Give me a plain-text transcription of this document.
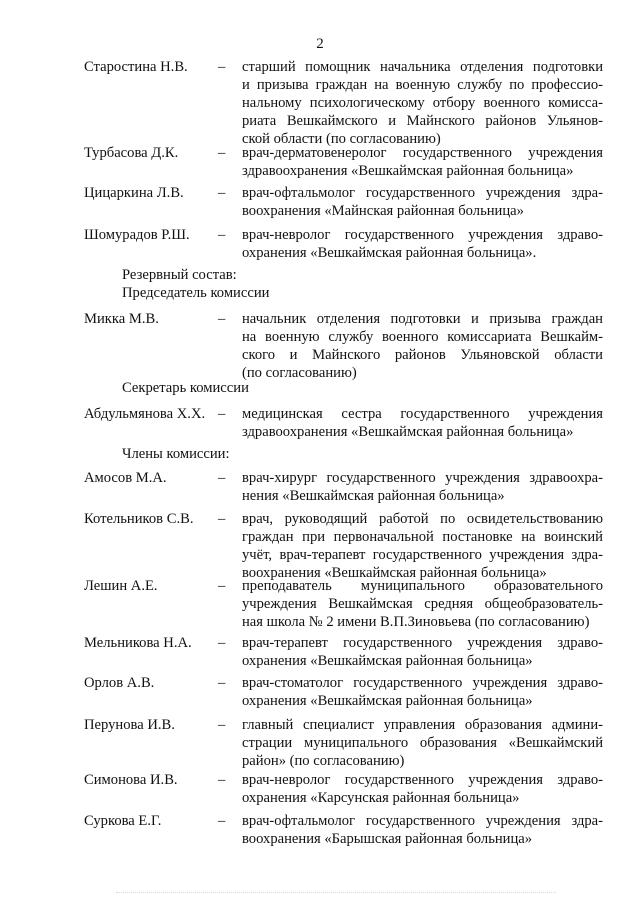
2
Старостина Н.В. – старший помощник начальника отделения подготовки
и призыва граждан на военную службу по профессио-
нальному психологическому отбору военного комисса-
риата Вешкаймского и Майнского районов Ульянов-
ской области (по согласованию)
Турбасова Д.К.	– врач-дерматовенеролог государственного учреждения
здравоохранения «Вешкаймская районная больница»
Цицаркина Л.В. – врач-офтальмолог государственного учреждения здра-
воохранения «Майнская районная больница»
Шомурадов Р.Ш. – врач-невролог государственного учреждения здраво-
охранения «Вешкаймская районная больница».
Резервный состав:
Председатель комиссии
Микка М.В.	– начальник отделения подготовки и призыва граждан
на военную службу военного комиссариата Вешкайм-
ского и Майнского районов Ульяновской области
(по согласованию)
Секретарь комиссии
Абдульмянова Х.Х. – медицинская сестра государственного учреждения
здравоохранения «Вешкаймская районная больница»
Члены комиссии:
Амосов М.А.	– врач-хирург государственного учреждения здравоохра-
нения «Вешкаймская районная больница»
Котельников С.В. – врач, руководящий работой по освидетельствованию
граждан при первоначальной постановке на воинский
учёт, врач-терапевт государственного учреждения здра-
воохранения «Вешкаймская районная больница»
Лешин А.Е.	– преподаватель муниципального образовательного
учреждения Вешкаймская средняя общеобразователь-
ная школа № 2 имени В.П.Зиновьева (по согласованию)
Мельникова Н.А. – врач-терапевт государственного учреждения здраво-
охранения «Вешкаймская районная больница»
Орлов А.В.	– врач-стоматолог государственного учреждения здраво-
охранения «Вешкаймская районная больница»
Перунова И.В.	– главный специалист управления образования админи-
страции муниципального образования «Вешкаймский
район» (по согласованию)
Симонова И.В.	– врач-невролог государственного учреждения здраво-
охранения «Карсунская районная больница»
Суркова Е.Г.	– врач-офтальмолог государственного учреждения здра-
воохранения «Барышская районная больница»
